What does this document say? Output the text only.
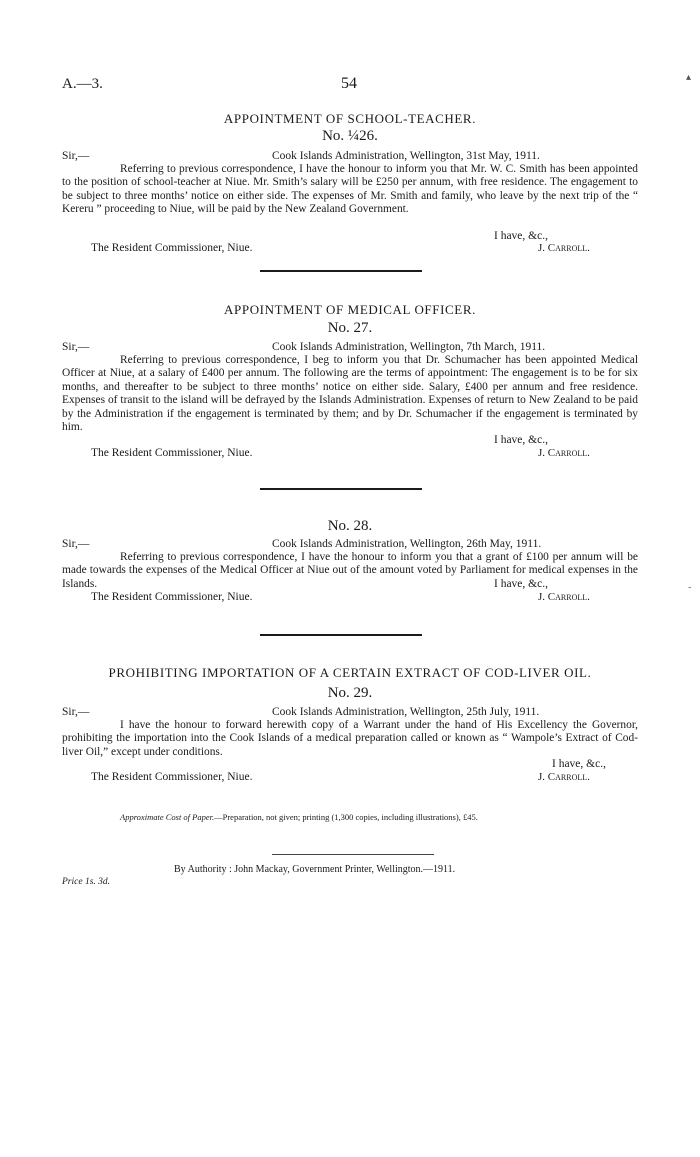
A.—3.	54
APPOINTMENT OF SCHOOL-TEACHER.
No. ¼26.
Sir,—	Cook Islands Administration, Wellington, 31st May, 1911.

Referring to previous correspondence, I have the honour to inform you that Mr. W. C. Smith has been appointed to the position of school-teacher at Niue. Mr. Smith’s salary will be £250 per annum, with free residence. The engagement to be subject to three months’ notice on either side. The expenses of Mr. Smith and family, who leave by the next trip of the “ Kereru ” proceeding to Niue, will be paid by the New Zealand Government.

I have, &c.,
The Resident Commissioner, Niue.	J. Carroll.
APPOINTMENT OF MEDICAL OFFICER.
No. 27.
Sir,—	Cook Islands Administration, Wellington, 7th March, 1911.

Referring to previous correspondence, I beg to inform you that Dr. Schumacher has been appointed Medical Officer at Niue, at a salary of £400 per annum. The following are the terms of appointment: The engagement is to be for six months, and thereafter to be subject to three months’ notice on either side. Salary, £400 per annum and free residence. Expenses of transit to the island will be defrayed by the Islands Administration. Expenses of return to New Zealand to be paid by the Administration if the engagement is terminated by them; and by Dr. Schumacher if the engagement is terminated by him.

I have, &c.,
The Resident Commissioner, Niue.	J. Carroll.
No. 28.
Sir,—	Cook Islands Administration, Wellington, 26th May, 1911.

Referring to previous correspondence, I have the honour to inform you that a grant of £100 per annum will be made towards the expenses of the Medical Officer at Niue out of the amount voted by Parliament for medical expenses in the Islands.	I have, &c.,
The Resident Commissioner, Niue.	J. Carroll.
PROHIBITING IMPORTATION OF A CERTAIN EXTRACT OF COD-LIVER OIL.
No. 29.
Sir,—	Cook Islands Administration, Wellington, 25th July, 1911.

I have the honour to forward herewith copy of a Warrant under the hand of His Excellency the Governor, prohibiting the importation into the Cook Islands of a medical preparation called or known as “ Wampole’s Extract of Cod-liver Oil,” except under conditions.

I have, &c.,
The Resident Commissioner, Niue.	J. Carroll.
Approximate Cost of Paper.—Preparation, not given; printing (1,300 copies, including illustrations), £45.
By Authority : John Mackay, Government Printer, Wellington.—1911.
Price 1s. 3d.
▴
˷
